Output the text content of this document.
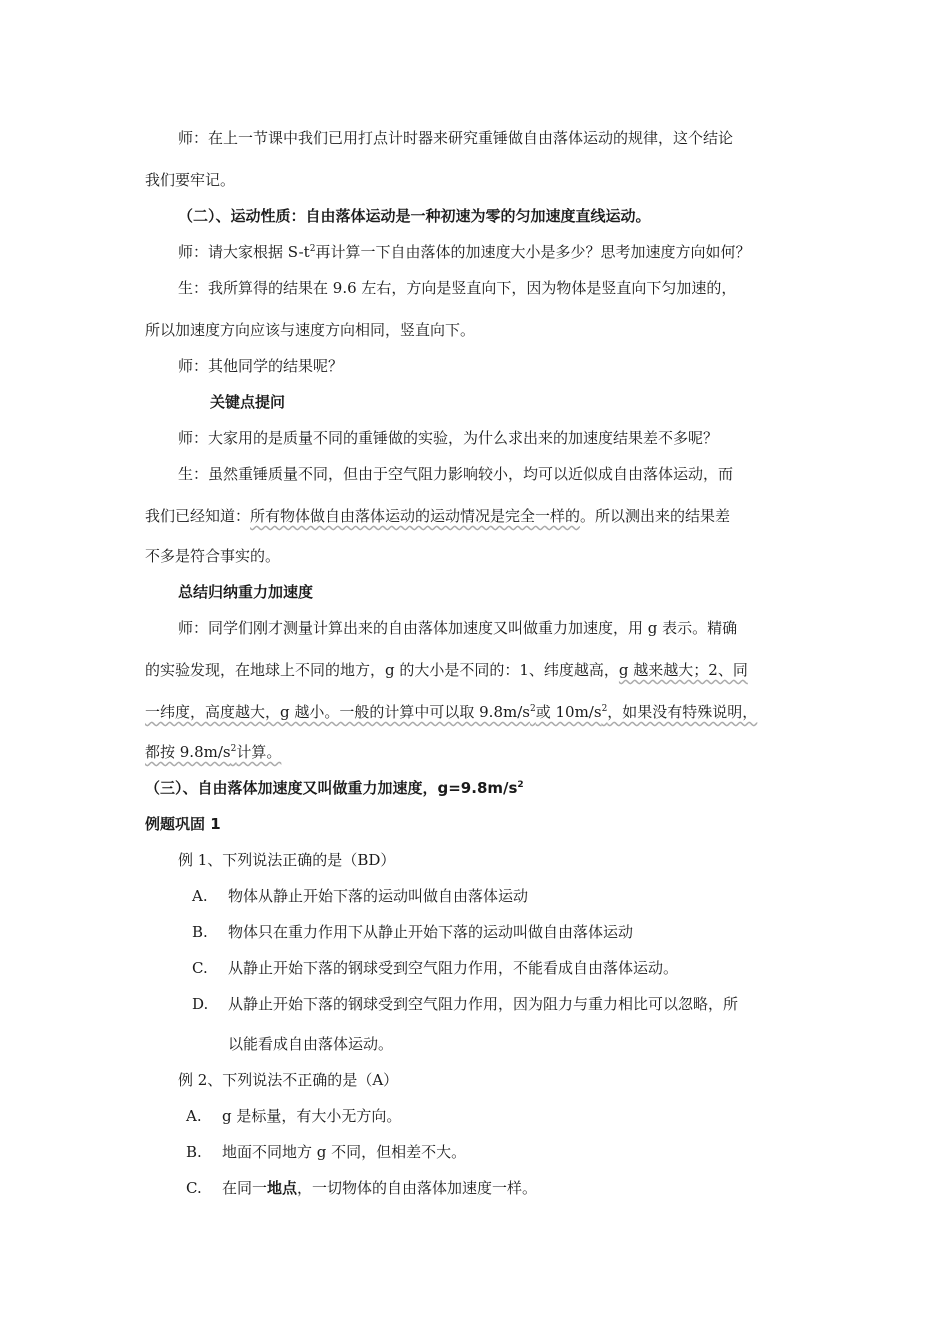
师：在上一节课中我们已用打点计时器来研究重锤做自由落体运动的规律，这个结论
我们要牢记。
（二）、运动性质：自由落体运动是一种初速为零的匀加速度直线运动。
师：请大家根据 $S-t^2$再计算一下自由落体的加速度大小是多少？思考加速度方向如何？
生：我所算得的结果在 9.6 左右，方向是竖直向下，因为物体是竖直向下匀加速的，
所以加速度方向应该与速度方向相同，竖直向下。
师：其他同学的结果呢？
关键点提问
师：大家用的是质量不同的重锤做的实验，为什么求出来的加速度结果差不多呢？
生：虽然重锤质量不同，但由于空气阻力影响较小，均可以近似成自由落体运动，而
我们已经知道：所有物体做自由落体运动的运动情况是完全一样的。所以测出来的结果差
不多是符合事实的。
总结归纳重力加速度
师：同学们刚才测量计算出来的自由落体加速度又叫做重力加速度，用 g 表示。精确
的实验发现，在地球上不同的地方，g 的大小是不同的：1、纬度越高，g 越来越大；2、同
一纬度，高度越大，g 越小。一般的计算中可以取 $9.8m/s^2$或 $10m/s^2$，如果没有特殊说明，
都按 $9.8m/s^2$计算。
（三）、自由落体加速度又叫做重力加速度，$g=9.8m/s^2$
例题巩固 1
例 1、下列说法正确的是（BD）
A. 物体从静止开始下落的运动叫做自由落体运动
B. 物体只在重力作用下从静止开始下落的运动叫做自由落体运动
C. 从静止开始下落的钢球受到空气阻力作用，不能看成自由落体运动。
D. 从静止开始下落的钢球受到空气阻力作用，因为阻力与重力相比可以忽略，所
以能看成自由落体运动。
例 2、下列说法不正确的是（A）
A. g 是标量，有大小无方向。
B. 地面不同地方 g 不同，但相差不大。
C. 在同一地点，一切物体的自由落体加速度一样。
